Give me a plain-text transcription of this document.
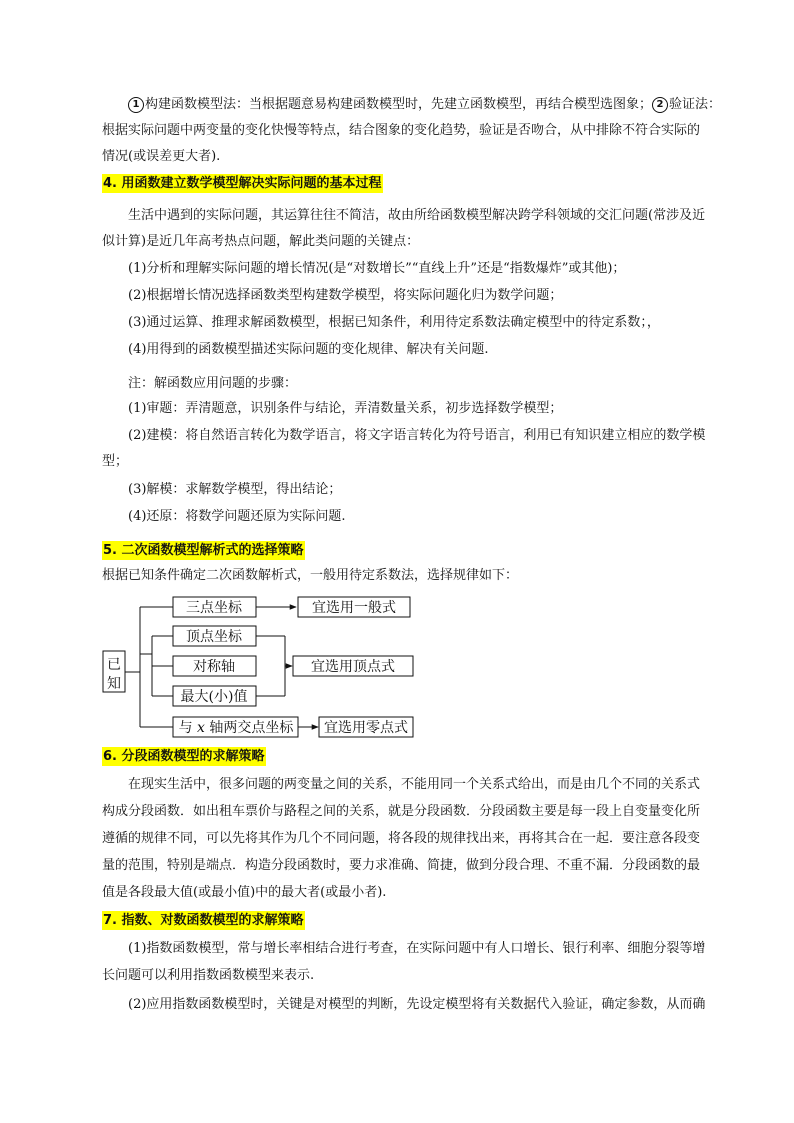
1 构建函数模型法：当根据题意易构建函数模型时，先建立函数模型，再结合模型选图象； 2 验证法：
根据实际问题中两变量的变化快慢等特点，结合图象的变化趋势，验证是否吻合，从中排除不符合实际的
情况(或误差更大者).
4. 用函数建立数学模型解决实际问题的基本过程
生活中遇到的实际问题，其运算往往不简洁，故由所给函数模型解决跨学科领域的交汇问题(常涉及近
似计算)是近几年高考热点问题，解此类问题的关键点：
(1)分析和理解实际问题的增长情况(是“对数增长”“直线上升”还是“指数爆炸”或其他)；
(2)根据增长情况选择函数类型构建数学模型，将实际问题化归为数学问题；
(3)通过运算、推理求解函数模型，根据已知条件，利用待定系数法确定模型中的待定系数；，
(4)用得到的函数模型描述实际问题的变化规律、解决有关问题.
注：解函数应用问题的步骤：
(1)审题：弄清题意，识别条件与结论，弄清数量关系，初步选择数学模型；
(2)建模：将自然语言转化为数学语言，将文字语言转化为符号语言，利用已有知识建立相应的数学模
型；
(3)解模：求解数学模型，得出结论；
(4)还原：将数学问题还原为实际问题.
5. 二次函数模型解析式的选择策略
根据已知条件确定二次函数解析式，一般用待定系数法，选择规律如下：
已
知
三点坐标
顶点坐标
对称轴
最大(小)值
与 x 轴两交点坐标
宜选用一般式
宜选用顶点式
宜选用零点式
6. 分段函数模型的求解策略
在现实生活中，很多问题的两变量之间的关系，不能用同一个关系式给出，而是由几个不同的关系式
构成分段函数．如出租车票价与路程之间的关系，就是分段函数．分段函数主要是每一段上自变量变化所
遵循的规律不同，可以先将其作为几个不同问题，将各段的规律找出来，再将其合在一起．要注意各段变
量的范围，特别是端点．构造分段函数时，要力求准确、简捷，做到分段合理、不重不漏．分段函数的最
值是各段最大值(或最小值)中的最大者(或最小者).
7. 指数、对数函数模型的求解策略
(1)指数函数模型，常与增长率相结合进行考查，在实际问题中有人口增长、银行利率、细胞分裂等增
长问题可以利用指数函数模型来表示.
(2)应用指数函数模型时，关键是对模型的判断，先设定模型将有关数据代入验证，确定参数，从而确
